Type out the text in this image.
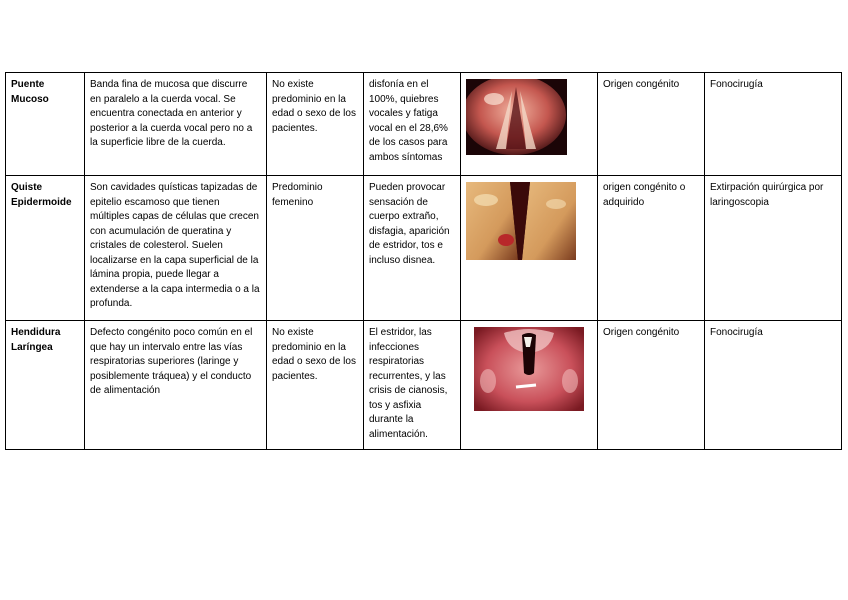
Puente Mucoso	Banda fina de mucosa que discurre en paralelo a la cuerda vocal. Se encuentra conectada en anterior y posterior a la cuerda vocal pero no a la superficie libre de la cuerda.	No existe predominio en la edad o sexo de los pacientes.	disfonía en el 100%, quiebres vocales y fatiga vocal en el 28,6% de los casos para ambos síntomas		Origen congénito	Fonocirugía
Quiste Epidermoide	Son cavidades quísticas tapizadas de epitelio escamoso que tienen múltiples capas de células que crecen con acumulación de queratina y cristales de colesterol. Suelen localizarse en la capa superficial de la lámina propia, puede llegar a extenderse a la capa intermedia o a la profunda.	Predominio femenino	Pueden provocar sensación de cuerpo extraño, disfagia, aparición de estridor, tos e incluso disnea.		origen congénito o adquirido	Extirpación quirúrgica por laringoscopia
Hendidura Laríngea	Defecto congénito poco común en el que hay un intervalo entre las vías respiratorias superiores (laringe y posiblemente tráquea) y el conducto de alimentación	No existe predominio en la edad o sexo de los pacientes.	El estridor, las infecciones respiratorias recurrentes, y las crisis de cianosis, tos y asfixia durante la alimentación.		Origen congénito	Fonocirugía
